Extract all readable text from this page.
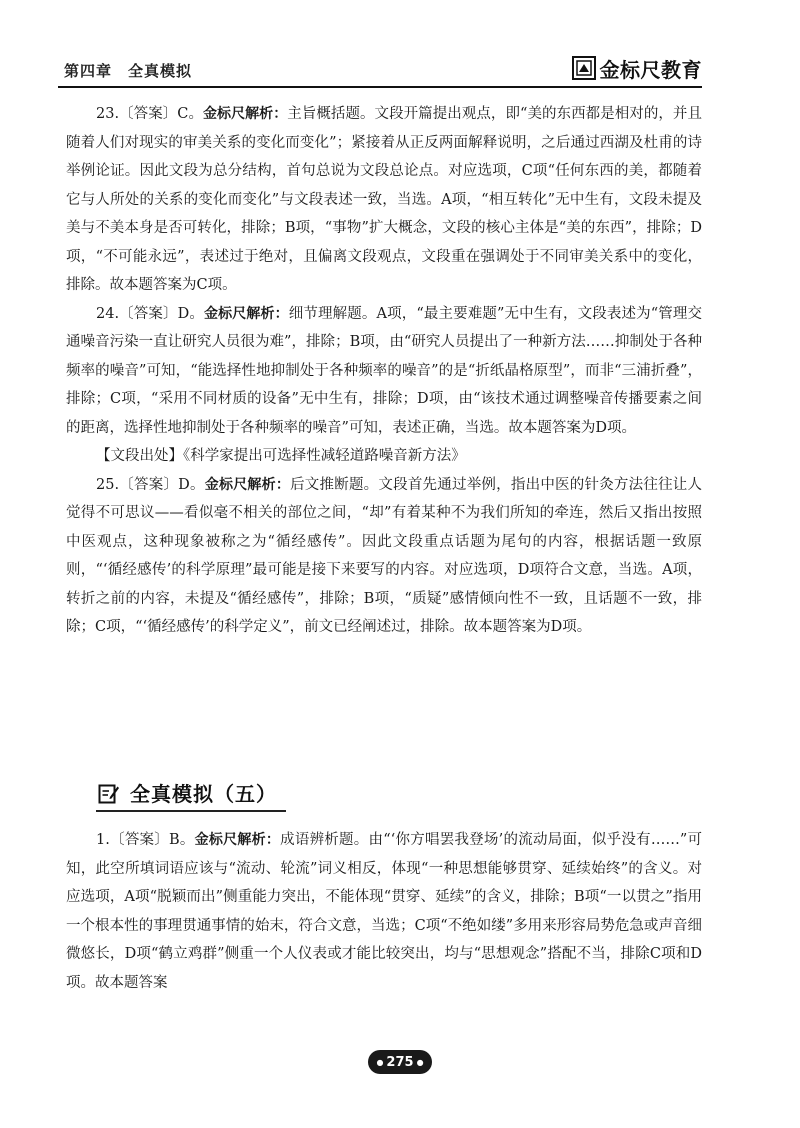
第四章　全真模拟	金标尺教育

23.〔答案〕C。金标尺解析：主旨概括题。文段开篇提出观点，即“美的东西都是相对的，并且随着人们对现实的审美关系的变化而变化”；紧接着从正反两面解释说明，之后通过西湖及杜甫的诗举例论证。因此文段为总分结构，首句总说为文段总论点。对应选项，C项“任何东西的美，都随着它与人所处的关系的变化而变化”与文段表述一致，当选。A项，“相互转化”无中生有，文段未提及美与不美本身是否可转化，排除；B项，“事物”扩大概念，文段的核心主体是“美的东西”，排除；D项，“不可能永远”，表述过于绝对，且偏离文段观点，文段重在强调处于不同审美关系中的变化，排除。故本题答案为C项。

24.〔答案〕D。金标尺解析：细节理解题。A项，“最主要难题”无中生有，文段表述为“管理交通噪音污染一直让研究人员很为难”，排除；B项，由“研究人员提出了一种新方法……抑制处于各种频率的噪音”可知，“能选择性地抑制处于各种频率的噪音”的是“折纸晶格原型”，而非“三浦折叠”，排除；C项，“采用不同材质的设备”无中生有，排除；D项，由“该技术通过调整噪音传播要素之间的距离，选择性地抑制处于各种频率的噪音”可知，表述正确，当选。故本题答案为D项。

【文段出处】《科学家提出可选择性减轻道路噪音新方法》

25.〔答案〕D。金标尺解析：后文推断题。文段首先通过举例，指出中医的针灸方法往往让人觉得不可思议——看似毫不相关的部位之间，“却”有着某种不为我们所知的牵连，然后又指出按照中医观点，这种现象被称之为“循经感传”。因此文段重点话题为尾句的内容，根据话题一致原则，“‘循经感传’的科学原理”最可能是接下来要写的内容。对应选项，D项符合文意，当选。A项，转折之前的内容，未提及“循经感传”，排除；B项，“质疑”感情倾向性不一致，且话题不一致，排除；C项，“‘循经感传’的科学定义”，前文已经阐述过，排除。故本题答案为D项。

全真模拟（五）

1.〔答案〕B。金标尺解析：成语辨析题。由“‘你方唱罢我登场’的流动局面，似乎没有……”可知，此空所填词语应该与“流动、轮流”词义相反，体现“一种思想能够贯穿、延续始终”的含义。对应选项，A项“脱颖而出”侧重能力突出，不能体现“贯穿、延续”的含义，排除；B项“一以贯之”指用一个根本性的事理贯通事情的始末，符合文意，当选；C项“不绝如缕”多用来形容局势危急或声音细微悠长，D项“鹤立鸡群”侧重一个人仪表或才能比较突出，均与“思想观念”搭配不当，排除C项和D项。故本题答案

● 275 ●
